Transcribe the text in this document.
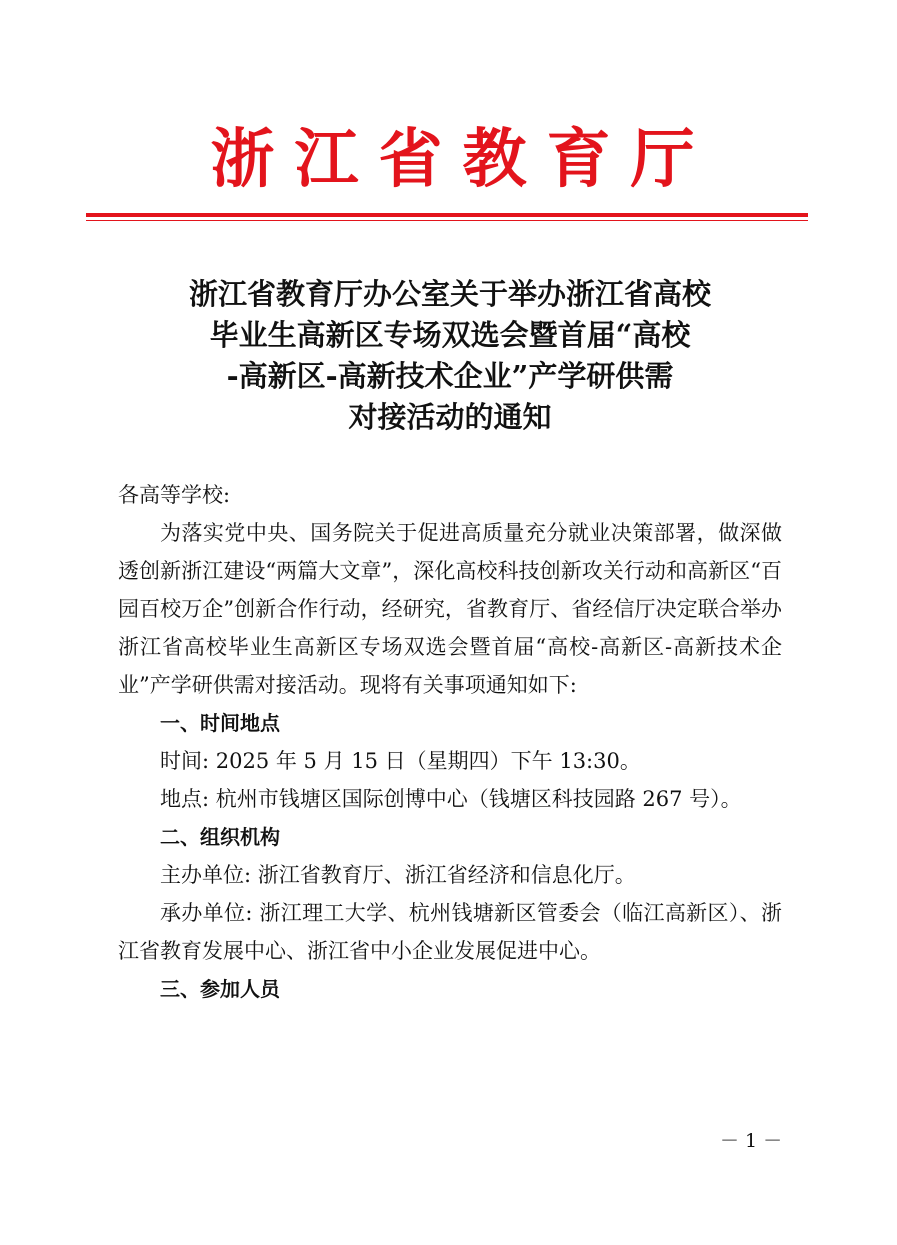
浙江省教育厅
浙江省教育厅办公室关于举办浙江省高校
毕业生高新区专场双选会暨首届“高校
-高新区-高新技术企业”产学研供需
对接活动的通知

各高等学校:

为落实党中央、国务院关于促进高质量充分就业决策部署，做深做透创新浙江建设“两篇大文章”，深化高校科技创新攻关行动和高新区“百园百校万企”创新合作行动，经研究，省教育厅、省经信厅决定联合举办浙江省高校毕业生高新区专场双选会暨首届“高校-高新区-高新技术企业”产学研供需对接活动。现将有关事项通知如下:

一、时间地点

时间: 2025 年 5 月 15 日（星期四）下午 13:30。

地点: 杭州市钱塘区国际创博中心（钱塘区科技园路 267 号）。

二、组织机构

主办单位: 浙江省教育厅、浙江省经济和信息化厅。

承办单位: 浙江理工大学、杭州钱塘新区管委会（临江高新区）、浙江省教育发展中心、浙江省中小企业发展促进中心。

三、参加人员

－ 1 －
